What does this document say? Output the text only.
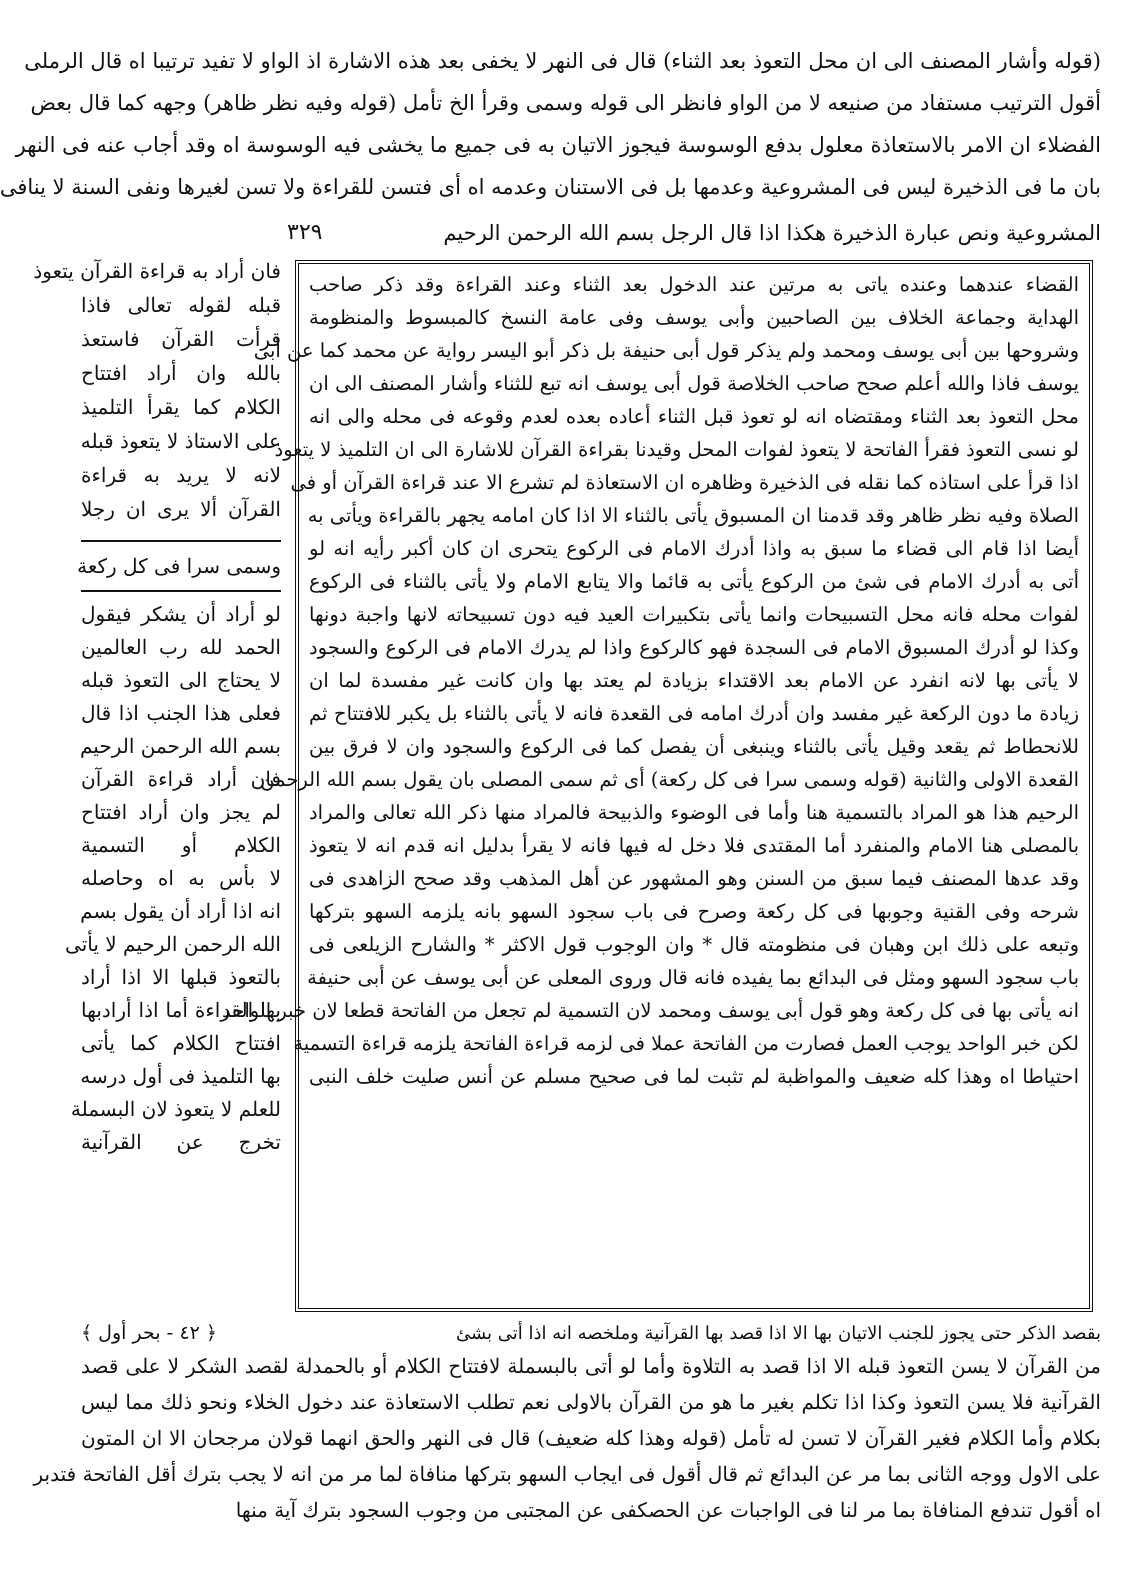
(قوله وأشار المصنف الى ان محل التعوذ بعد الثناء) قال فى النهر لا يخفى بعد هذه الاشارة اذ الواو لا تفيد ترتيبا اه قال الرملى

أقول الترتيب مستفاد من صنيعه لا من الواو فانظر الى قوله وسمى وقرأ الخ تأمل (قوله وفيه نظر ظاهر) وجهه كما قال بعض

الفضلاء ان الامر بالاستعاذة معلول بدفع الوسوسة فيجوز الاتيان به فى جميع ما يخشى فيه الوسوسة اه وقد أجاب عنه فى النهر

بان ما فى الذخيرة ليس فى المشروعية وعدمها بل فى الاستنان وعدمه اه أى فتسن للقراءة ولا تسن لغيرها ونفى السنة لا ينافى

المشروعية ونص عبارة الذخيرة هكذا اذا قال الرجل بسم الله الرحمن الرحيم
٣٢٩

فان أراد به قراءة القرآن يتعوذ

قبله لقوله تعالى فاذا

قرأت القرآن فاستعذ

بالله وان أراد افتتاح

الكلام كما يقرأ التلميذ

على الاستاذ لا يتعوذ قبله

لانه لا يريد به قراءة

القرآن ألا يرى ان رجلا

وسمى سرا فى كل ركعة

لو أراد أن يشكر فيقول

الحمد لله رب العالمين

لا يحتاج الى التعوذ قبله

فعلى هذا الجنب اذا قال

بسم الله الرحمن الرحيم

فان أراد قراءة القرآن

لم يجز وان أراد افتتاح

الكلام أو التسمية

لا بأس به اه وحاصله

انه اذا أراد أن يقول بسم

الله الرحمن الرحيم لا يأتى

بالتعوذ قبلها الا اذا أراد

بها القراءة أما اذا أرادبها

افتتاح الكلام كما يأتى

بها التلميذ فى أول درسه

للعلم لا يتعوذ لان البسملة

تخرج عن القرآنية

القضاء عندهما وعنده ياتى به مرتين عند الدخول بعد الثناء وعند القراءة وقد ذكر صاحب

الهداية وجماعة الخلاف بين الصاحبين وأبى يوسف وفى عامة النسخ كالمبسوط والمنظومة

وشروحها بين أبى يوسف ومحمد ولم يذكر قول أبى حنيفة بل ذكر أبو اليسر رواية عن محمد كما عن أبى

يوسف فاذا والله أعلم صحح صاحب الخلاصة قول أبى يوسف انه تبع للثناء وأشار المصنف الى ان

محل التعوذ بعد الثناء ومقتضاه انه لو تعوذ قبل الثناء أعاده بعده لعدم وقوعه فى محله والى انه

لو نسى التعوذ فقرأ الفاتحة لا يتعوذ لفوات المحل وقيدنا بقراءة القرآن للاشارة الى ان التلميذ لا يتعوذ

اذا قرأ على استاذه كما نقله فى الذخيرة وظاهره ان الاستعاذة لم تشرع الا عند قراءة القرآن أو فى

الصلاة وفيه نظر ظاهر وقد قدمنا ان المسبوق يأتى بالثناء الا اذا كان امامه يجهر بالقراءة ويأتى به

أيضا اذا قام الى قضاء ما سبق به واذا أدرك الامام فى الركوع يتحرى ان كان أكبر رأيه انه لو

أتى به أدرك الامام فى شئ من الركوع يأتى به قائما والا يتابع الامام ولا يأتى بالثناء فى الركوع

لفوات محله فانه محل التسبيحات وانما يأتى بتكبيرات العيد فيه دون تسبيحاته لانها واجبة دونها

وكذا لو أدرك المسبوق الامام فى السجدة فهو كالركوع واذا لم يدرك الامام فى الركوع والسجود

لا يأتى بها لانه انفرد عن الامام بعد الاقتداء بزيادة لم يعتد بها وان كانت غير مفسدة لما ان

زيادة ما دون الركعة غير مفسد وان أدرك امامه فى القعدة فانه لا يأتى بالثناء بل يكبر للافتتاح ثم

للانحطاط ثم يقعد وقيل يأتى بالثناء وينبغى أن يفصل كما فى الركوع والسجود وان لا فرق بين

القعدة الاولى والثانية (قوله وسمى سرا فى كل ركعة) أى ثم سمى المصلى بان يقول بسم الله الرحمن

الرحيم هذا هو المراد بالتسمية هنا وأما فى الوضوء والذبيحة فالمراد منها ذكر الله تعالى والمراد

بالمصلى هنا الامام والمنفرد أما المقتدى فلا دخل له فيها فانه لا يقرأ بدليل انه قدم انه لا يتعوذ

وقد عدها المصنف فيما سبق من السنن وهو المشهور عن أهل المذهب وقد صحح الزاهدى فى

شرحه وفى القنية وجوبها فى كل ركعة وصرح فى باب سجود السهو بانه يلزمه السهو بتركها

وتبعه على ذلك ابن وهبان فى منظومته قال * وان الوجوب قول الاكثر * والشارح الزيلعى فى

باب سجود السهو ومثل فى البدائع بما يفيده فانه قال وروى المعلى عن أبى يوسف عن أبى حنيفة

انه يأتى بها فى كل ركعة وهو قول أبى يوسف ومحمد لان التسمية لم تجعل من الفاتحة قطعا لان خبر الواحد

لكن خبر الواحد يوجب العمل فصارت من الفاتحة عملا فى لزمه قراءة الفاتحة يلزمه قراءة التسمية

احتياطا اه وهذا كله ضعيف والمواظبة لم تثبت لما فى صحيح مسلم عن أنس صليت خلف النبى

بقصد الذكر حتى يجوز للجنب الاتيان بها الا اذا قصد بها القرآنية وملخصه انه اذا أتى بشئ
﴿ ٤٢ - بحر أول ﴾

من القرآن لا يسن التعوذ قبله الا اذا قصد به التلاوة وأما لو أتى بالبسملة لافتتاح الكلام أو بالحمدلة لقصد الشكر لا على قصد

القرآنية فلا يسن التعوذ وكذا اذا تكلم بغير ما هو من القرآن بالاولى نعم تطلب الاستعاذة عند دخول الخلاء ونحو ذلك مما ليس

بكلام وأما الكلام فغير القرآن لا تسن له تأمل (قوله وهذا كله ضعيف) قال فى النهر والحق انهما قولان مرجحان الا ان المتون

على الاول ووجه الثانى بما مر عن البدائع ثم قال أقول فى ايجاب السهو بتركها منافاة لما مر من انه لا يجب بترك أقل الفاتحة فتدبر

اه أقول تندفع المنافاة بما مر لنا فى الواجبات عن الحصكفى عن المجتبى من وجوب السجود بترك آية منها
